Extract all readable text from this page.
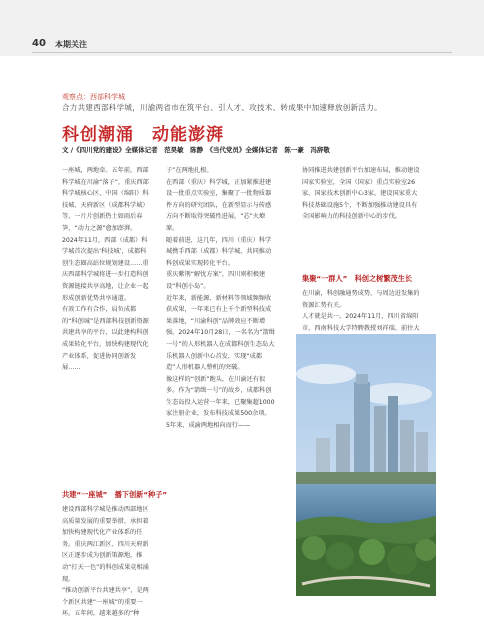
40 本期关注
观察点：西部科学城
合力共建西部科学城，川渝两省市在筑平台、引人才、攻技术、转成果中加速释放创新活力。
科创潮涌　动能澎湃
文 /《四川党的建设》全媒体记者　范昊敏　陈静　《当代党员》全媒体记者　陈一豪　冯辞敬

一座城，两地牵。五年前，西部科学城在川渝“落子”，重庆西部科学城核心区、中国（绵阳）科技城、天府新区（成都科学城）等，一片片创新热土如雨后春笋，“动力之源”愈加澎湃。

2024年11月，西部（成都）科学城首次提出‘科技城’，成都科创生态圈高站位规划建设……重庆西部科学城将进一步打造科创资源链接共享高地，让企业一起形成创新优势共享通道。

有效工作有合作，肩负成都的“科创城”是西部科技创新资源共建共享的平台，以此建构科创成果转化平台，加快构建现代化产业体系，促进协同创新发展……

共建“一座城”　播下创新“种子”

建设西部科学城是推动西部地区高质量发展的重要举措，承担着加快构建现代化产业体系的任务。重庆两江新区、四川天府新区正逐步成为创新策源地，推动“打天一色”的科创成果竞相涌现。

“推动创新平台共建共享”，是两个新区共建“一座城”的重要一环。五年间，越来越多的“种

子”在两地扎根。

在西部（重庆）科学城，正加紧推进建设一批重点实验室，集聚了一批物质器件方向的研究团队，在新型显示与传感方向不断取得突破性进展，“芯”火燎原。

随着前进，这几年，四川（重庆）科学城携手西部（成都）科学城，共同推动科创成果实现转化平台。

重庆紫荆“解忧方案”，四川则积极建设“科创小岛”。

近年来，新能源、新材料等领域频频收获成果，一年来已有上千个新型科技成果落地，“川渝科创”品牌效应不断增强。2024年10月28日，一名名为“箭缉一号”的人形机器人在成都科创生态岛大乐机器人创新中心首发，实现“成都造”人形机器人整机的突破。

像这样的“创新”跑头，在川渝还有很多。作为“箭缉一号”的故乡，成都科创生态岛投入运营一年来，已聚集超1000家注册企业，发布科技成果500余项。

5年来，成渝两地相向而行——

协同推进共建创新平台加速布局，推动建设国家实验室，全国（国家）重点实验室26家，国家技术创新中心3家，建设国家重大科技基础设施5个，不断加强推动建设具有全国影响力的科技创新中心的步伐。

集聚“一群人”　科创之树繁茂生长

在川渝，科创融通势成势，与周边迸发集的资源汇势有关。

人才就是共一。2024年11月，四川省绵阳市、西南科技大学特聘教授刘祥瑞、前往大
